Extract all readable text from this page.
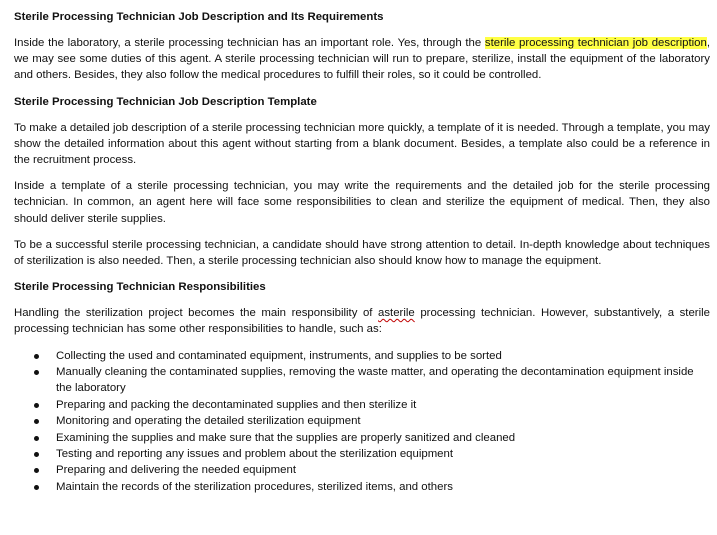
Sterile Processing Technician Job Description and Its Requirements

Inside the laboratory, a sterile processing technician has an important role. Yes, through the sterile processing technician job description, we may see some duties of this agent. A sterile processing technician will run to prepare, sterilize, install the equipment of the laboratory and others. Besides, they also follow the medical procedures to fulfill their roles, so it could be controlled.

Sterile Processing Technician Job Description Template

To make a detailed job description of a sterile processing technician more quickly, a template of it is needed. Through a template, you may show the detailed information about this agent without starting from a blank document. Besides, a template also could be a reference in the recruitment process.

Inside a template of a sterile processing technician, you may write the requirements and the detailed job for the sterile processing technician. In common, an agent here will face some responsibilities to clean and sterilize the equipment of medical. Then, they also should deliver sterile supplies.

To be a successful sterile processing technician, a candidate should have strong attention to detail. In-depth knowledge about techniques of sterilization is also needed. Then, a sterile processing technician also should know how to manage the equipment.

Sterile Processing Technician Responsibilities

Handling the sterilization project becomes the main responsibility of asterile processing technician. However, substantively, a sterile processing technician has some other responsibilities to handle, such as:

Collecting the used and contaminated equipment, instruments, and supplies to be sorted
Manually cleaning the contaminated supplies, removing the waste matter, and operating the decontamination equipment inside the laboratory
Preparing and packing the decontaminated supplies and then sterilize it
Monitoring and operating the detailed sterilization equipment
Examining the supplies and make sure that the supplies are properly sanitized and cleaned
Testing and reporting any issues and problem about the sterilization equipment
Preparing and delivering the needed equipment
Maintain the records of the sterilization procedures, sterilized items, and others
